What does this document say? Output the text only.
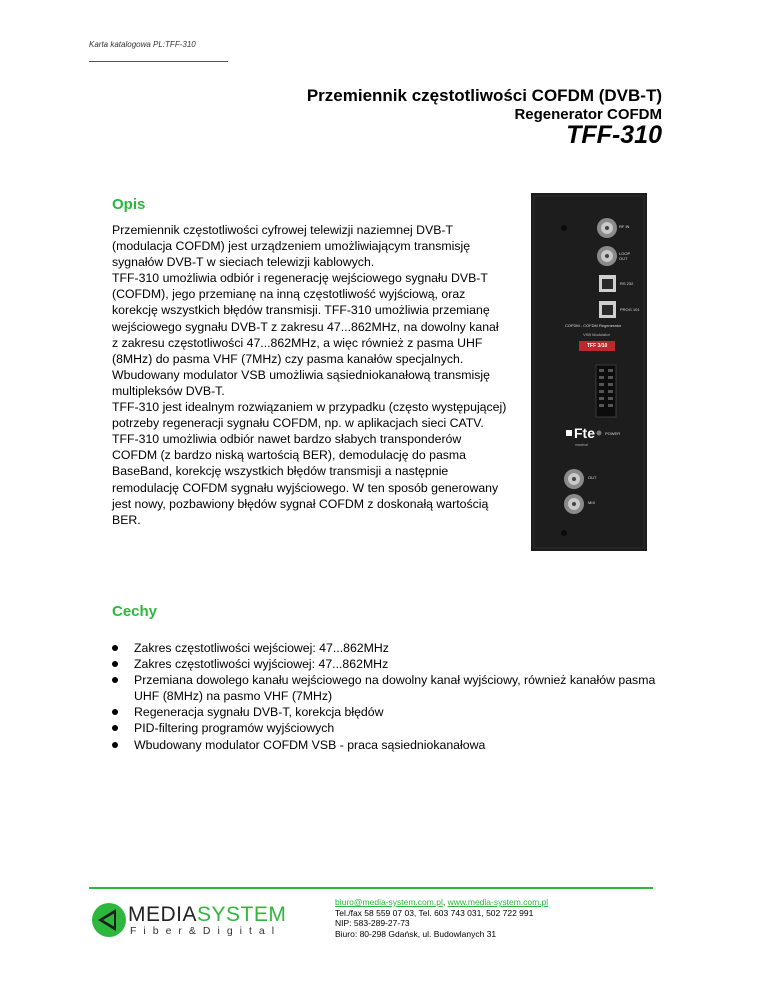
Karta katalogowa PL:TFF-310
Przemiennik częstotliwości COFDM (DVB-T)
Regenerator COFDM
TFF-310
Opis

Przemiennik częstotliwości cyfrowej telewizji naziemnej DVB-T (modulacja COFDM) jest urządzeniem umożliwiającym transmisję sygnałów DVB-T w sieciach telewizji kablowych.

TFF-310 umożliwia odbiór i regenerację wejściowego sygnału DVB-T (COFDM), jego przemianę na inną częstotliwość wyjściową, oraz korekcję wszystkich błędów transmisji. TFF-310 umożliwia przemianę wejściowego sygnału DVB-T z zakresu 47...862MHz, na dowolny kanał z zakresu częstotliwości 47...862MHz, a więc również z pasma UHF (8MHz) do pasma VHF (7MHz) czy pasma kanałów specjalnych.

Wbudowany modulator VSB umożliwia sąsiedniokanałową transmisję multipleksów DVB-T.

TFF-310 jest idealnym rozwiązaniem w przypadku (często występującej) potrzeby regeneracji sygnału COFDM, np. w aplikacjach sieci CATV.

TFF-310 umożliwia odbiór nawet bardzo słabych transponderów COFDM (z bardzo niską wartością BER), demodulację do pasma BaseBand, korekcję wszystkich błędów transmisji a następnie remodulację COFDM sygnału wyjściowego. W ten sposób generowany jest nowy, pozbawiony błędów sygnał COFDM z doskonałą wartością BER.

RF IN
LOOP OUT
RS 232
PROG 101
COFDM - COFDM Regenerator
VSB Modulator
TFF 3/10
POWER
Fte
maximal
OUT
MIX
Cechy
Zakres częstotliwości wejściowej: 47...862MHz
Zakres częstotliwości wyjściowej: 47...862MHz
Przemiana dowolego kanału wejściowego na dowolny kanał wyjściowy, również kanałów pasma UHF (8MHz) na pasmo VHF (7MHz)
Regeneracja sygnału DVB-T, korekcja błędów
PID-filtering programów wyjściowych
Wbudowany modulator COFDM VSB - praca sąsiedniokanałowa
MEDIASYSTEM
Fiber&Digital
biuro@media-system.com.pl, www.media-system.com.pl
Tel./fax 58 559 07 03, Tel. 603 743 031, 502 722 991
NIP: 583-289-27-73
Biuro: 80-298 Gdańsk, ul. Budowlanych 31
